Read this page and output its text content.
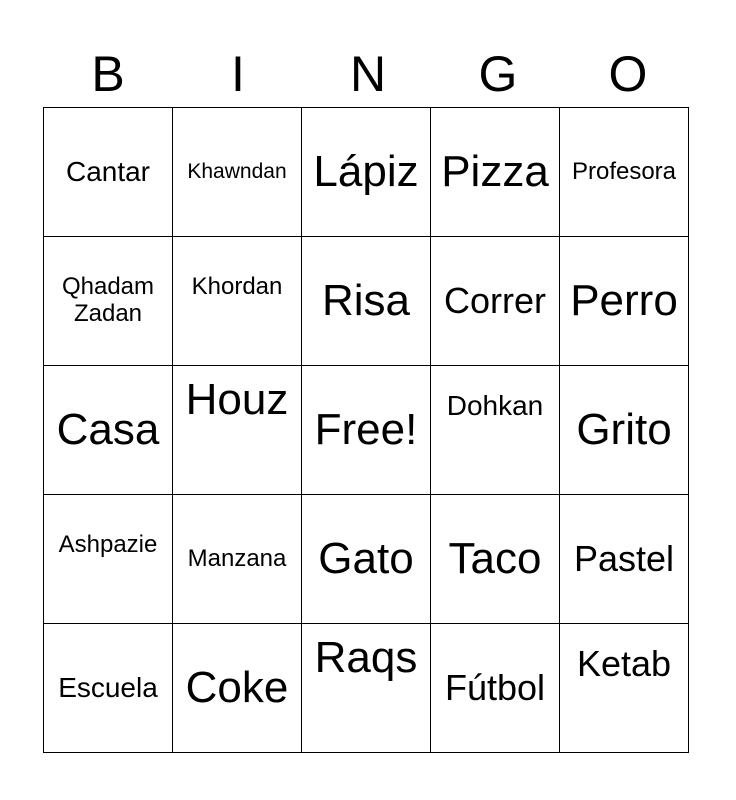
B	I	N	G	O
Cantar	Khawndan	Lápiz	Pizza	Profesora
Qhadam Zadan	Khordan	Risa	Correr	Perro
Casa	Houz	Free!	Dohkan	Grito
Ashpazie	Manzana	Gato	Taco	Pastel
Escuela	Coke	Raqs	Fútbol	Ketab
